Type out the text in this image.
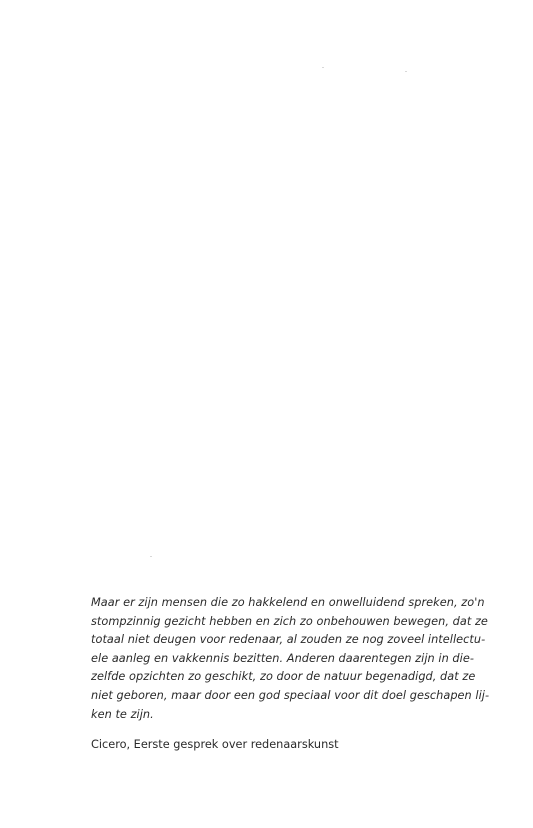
Maar er zijn mensen die zo hakkelend en onwelluidend spreken, zo'n
stompzinnig gezicht hebben en zich zo onbehouwen bewegen, dat ze
totaal niet deugen voor redenaar, al zouden ze nog zoveel intellectu-
ele aanleg en vakkennis bezitten. Anderen daarentegen zijn in die-
zelfde opzichten zo geschikt, zo door de natuur begenadigd, dat ze
niet geboren, maar door een god speciaal voor dit doel geschapen lij-
ken te zijn.

Cicero, Eerste gesprek over redenaarskunst
